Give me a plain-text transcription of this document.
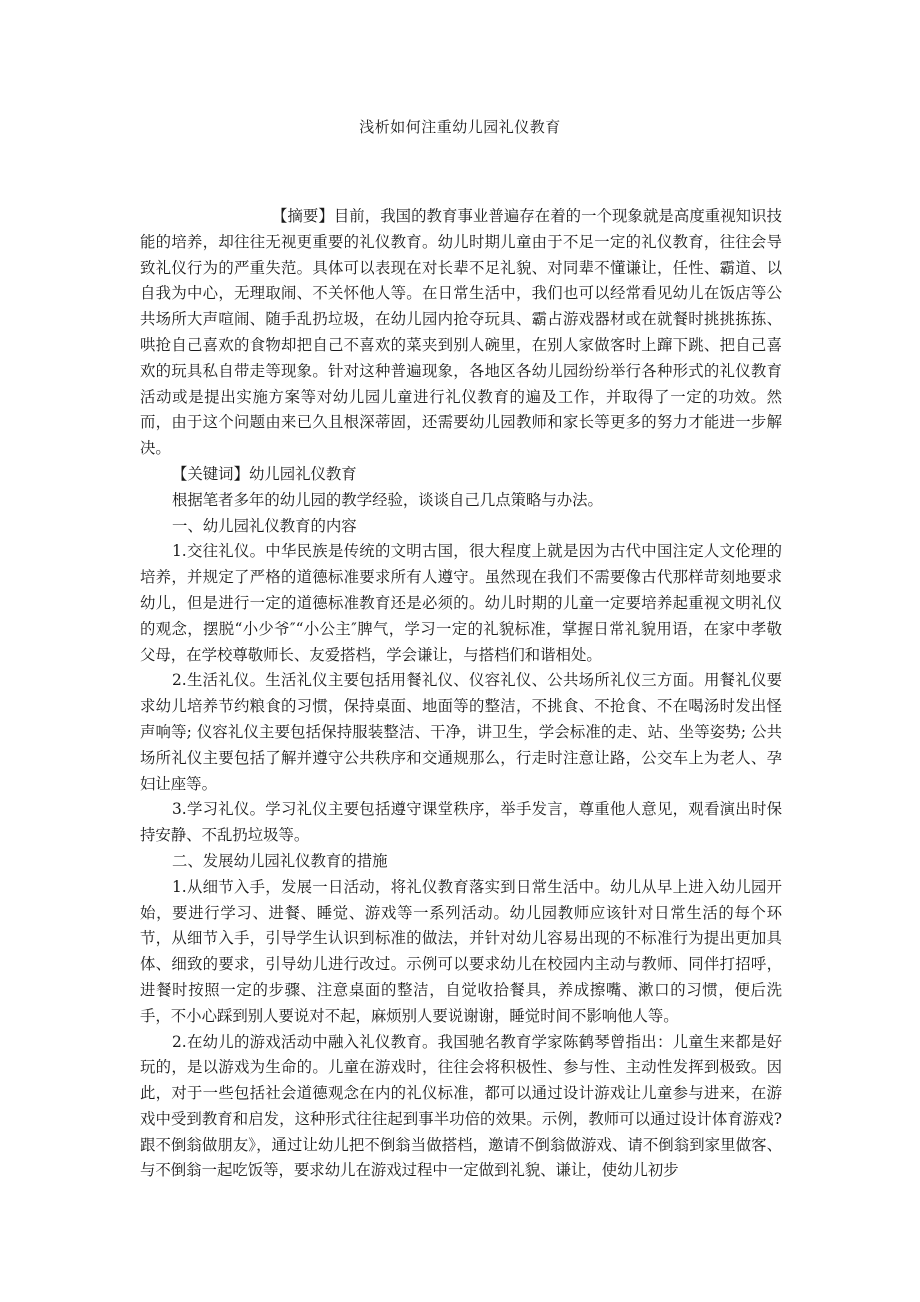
浅析如何注重幼儿园礼仪教育

【摘要】目前，我国的教育事业普遍存在着的一个现象就是高度重视知识技能的培养，却往往无视更重要的礼仪教育。幼儿时期儿童由于不足一定的礼仪教育，往往会导致礼仪行为的严重失范。具体可以表现在对长辈不足礼貌、对同辈不懂谦让，任性、霸道、以自我为中心，无理取闹、不关怀他人等。在日常生活中，我们也可以经常看见幼儿在饭店等公共场所大声喧闹、随手乱扔垃圾，在幼儿园内抢夺玩具、霸占游戏器材或在就餐时挑挑拣拣、哄抢自己喜欢的食物却把自己不喜欢的菜夹到别人碗里，在别人家做客时上蹿下跳、把自己喜欢的玩具私自带走等现象。针对这种普遍现象，各地区各幼儿园纷纷举行各种形式的礼仪教育活动或是提出实施方案等对幼儿园儿童进行礼仪教育的遍及工作，并取得了一定的功效。然而，由于这个问题由来已久且根深蒂固，还需要幼儿园教师和家长等更多的努力才能进一步解决。

【关键词】幼儿园礼仪教育

根据笔者多年的幼儿园的教学经验，谈谈自己几点策略与办法。

一、幼儿园礼仪教育的内容

1.交往礼仪。中华民族是传统的文明古国，很大程度上就是因为古代中国注定人文伦理的培养，并规定了严格的道德标准要求所有人遵守。虽然现在我们不需要像古代那样苛刻地要求幼儿，但是进行一定的道德标准教育还是必须的。幼儿时期的儿童一定要培养起重视文明礼仪的观念，摆脱“小少爷″“小公主″脾气，学习一定的礼貌标准，掌握日常礼貌用语，在家中孝敬父母，在学校尊敬师长、友爱搭档，学会谦让，与搭档们和谐相处。

2.生活礼仪。生活礼仪主要包括用餐礼仪、仪容礼仪、公共场所礼仪三方面。用餐礼仪要求幼儿培养节约粮食的习惯，保持桌面、地面等的整洁，不挑食、不抢食、不在喝汤时发出怪声响等; 仪容礼仪主要包括保持服装整洁、干净，讲卫生，学会标准的走、站、坐等姿势; 公共场所礼仪主要包括了解并遵守公共秩序和交通规那么，行走时注意让路，公交车上为老人、孕妇让座等。

3.学习礼仪。学习礼仪主要包括遵守课堂秩序，举手发言，尊重他人意见，观看演出时保持安静、不乱扔垃圾等。

二、发展幼儿园礼仪教育的措施

1.从细节入手，发展一日活动，将礼仪教育落实到日常生活中。幼儿从早上进入幼儿园开始，要进行学习、进餐、睡觉、游戏等一系列活动。幼儿园教师应该针对日常生活的每个环节，从细节入手，引导学生认识到标准的做法，并针对幼儿容易出现的不标准行为提出更加具体、细致的要求，引导幼儿进行改过。示例可以要求幼儿在校园内主动与教师、同伴打招呼，进餐时按照一定的步骤、注意桌面的整洁，自觉收拾餐具，养成擦嘴、漱口的习惯，便后洗手，不小心踩到别人要说对不起，麻烦别人要说谢谢，睡觉时间不影响他人等。

2.在幼儿的游戏活动中融入礼仪教育。我国驰名教育学家陈鹤琴曾指出：儿童生来都是好玩的，是以游戏为生命的。儿童在游戏时，往往会将积极性、参与性、主动性发挥到极致。因此，对于一些包括社会道德观念在内的礼仪标准，都可以通过设计游戏让儿童参与进来，在游戏中受到教育和启发，这种形式往往起到事半功倍的效果。示例，教师可以通过设计体育游戏?跟不倒翁做朋友》，通过让幼儿把不倒翁当做搭档，邀请不倒翁做游戏、请不倒翁到家里做客、与不倒翁一起吃饭等，要求幼儿在游戏过程中一定做到礼貌、谦让，使幼儿初步
